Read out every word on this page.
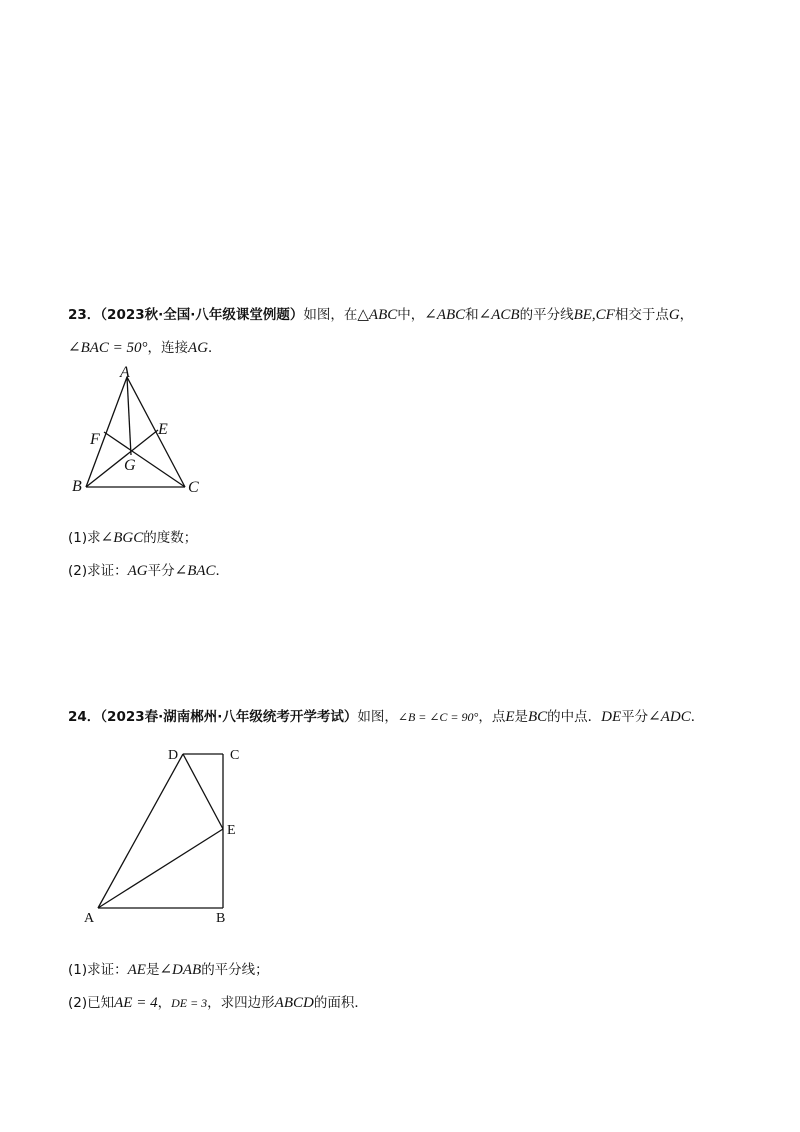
23．（2023秋·全国·八年级课堂例题）如图，在△ABC中，∠ABC和∠ACB的平分线BE,CF相交于点G，
∠BAC = 50°，连接AG．
A
B	C
E
F
G
(1)求∠BGC的度数；
(2)求证：AG平分∠BAC．
24．（2023春·湖南郴州·八年级统考开学考试）如图，∠B = ∠C = 90°，点E是BC的中点．DE平分∠ADC．
D	C
E
A	B
(1)求证：AE是∠DAB的平分线；
(2)已知AE = 4，DE = 3，求四边形ABCD的面积．
